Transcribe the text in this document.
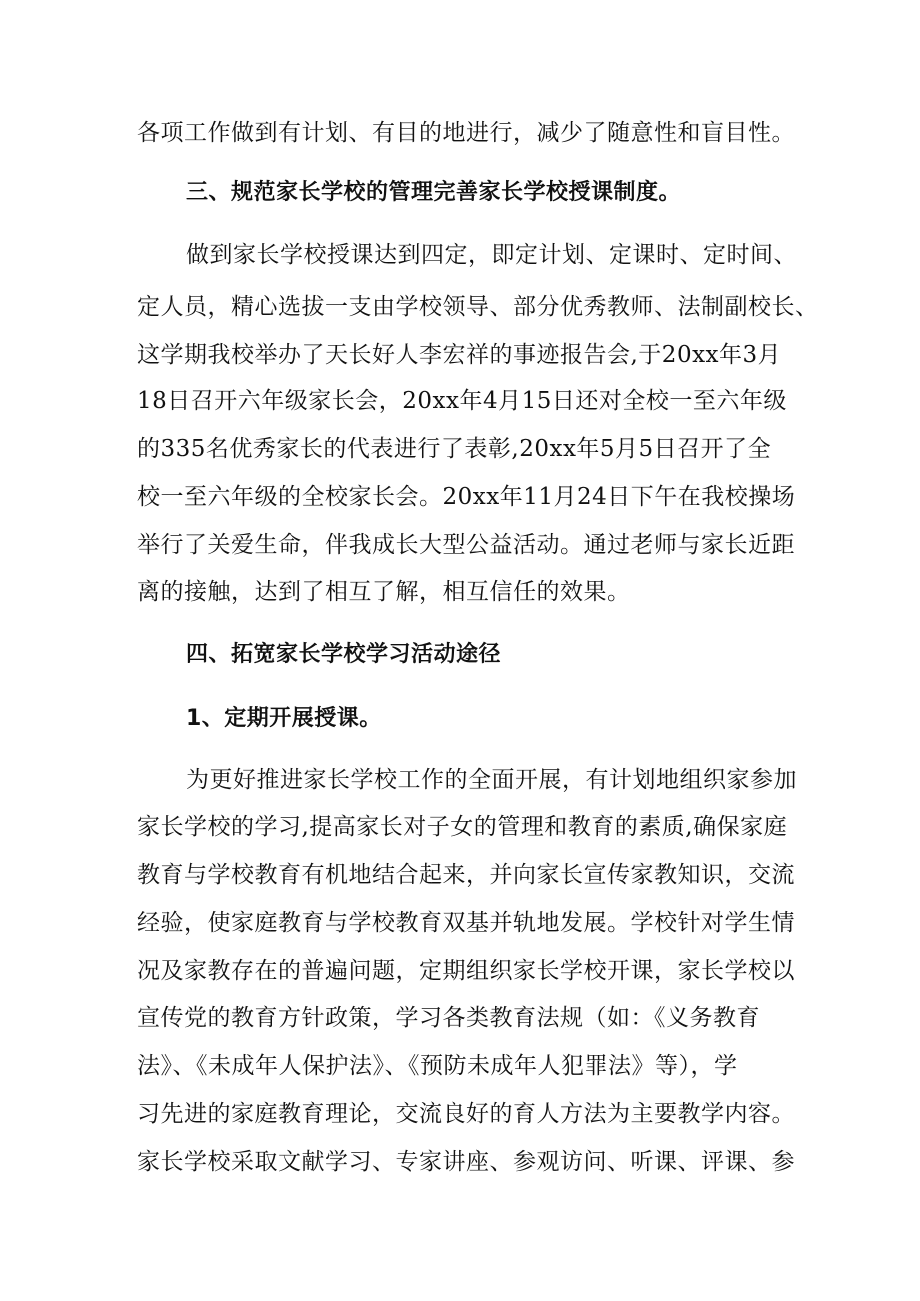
各项工作做到有计划、有目的地进行，减少了随意性和盲目性。
三、规范家长学校的管理完善家长学校授课制度。
做到家长学校授课达到四定，即定计划、定课时、定时间、
定人员，精心选拔一支由学校领导、部分优秀教师、法制副校长、
这学期我校举办了天长好人李宏祥的事迹报告会,于20xx年3月
18日召开六年级家长会，20xx年4月15日还对全校一至六年级
的335名优秀家长的代表进行了表彰,20xx年5月5日召开了全
校一至六年级的全校家长会。20xx年11月24日下午在我校操场
举行了关爱生命，伴我成长大型公益活动。通过老师与家长近距
离的接触，达到了相互了解，相互信任的效果。
四、拓宽家长学校学习活动途径
1、定期开展授课。
为更好推进家长学校工作的全面开展，有计划地组织家参加
家长学校的学习,提高家长对子女的管理和教育的素质,确保家庭
教育与学校教育有机地结合起来，并向家长宣传家教知识，交流
经验，使家庭教育与学校教育双基并轨地发展。学校针对学生情
况及家教存在的普遍问题，定期组织家长学校开课，家长学校以
宣传党的教育方针政策，学习各类教育法规（如：《义务教育
法》、《未成年人保护法》、《预防未成年人犯罪法》等），学
习先进的家庭教育理论，交流良好的育人方法为主要教学内容。
家长学校采取文献学习、专家讲座、参观访问、听课、评课、参
